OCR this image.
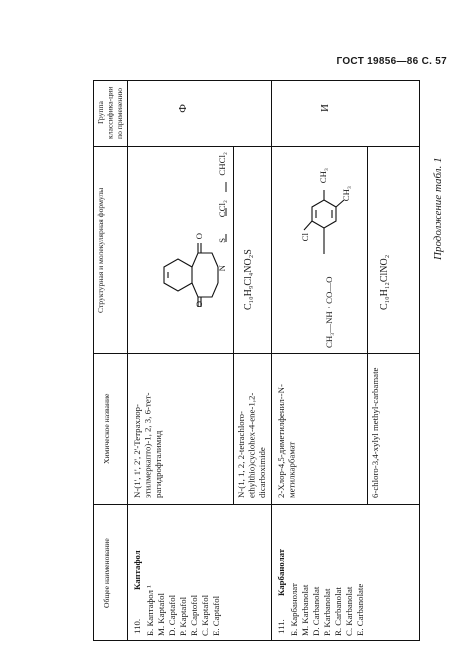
ГОСТ 19856—86 С. 57
Продолжение табл. 1
Общее наименование
Химическое название
Структурная и молекулярная формулы
Группа классифика-ции по применению
110.
Каптафол
Б. Каптафол ¹ М. Kaptafol D. Captafol P. Kaptafol R. Captofol C. Kaptafol E. Captafol
N-(1', 1', 2', 2'-Тетрахлор-этилмеркапто)-1, 2, 3, 6-тет-рагидрофталимид	N-(1, 1, 2, 2-tetrachloro-ethylthio)cyclohex-4-ene-1,2-dicarboximide
O
O
N
S
CCl₂
CHCl₂
C₁₀H₉Cl₄NO₂S
Ф
111.
Карбанолат
Б. Карбанолат М. Karbanolat D. Carbanolat P. Karbanolat R. Carbanolat C. Karbanolat E. Carbanolate
2-Хлор-4,5-диметилфенил--N-метилкарбамат	6-chloro-3,4-xylyl methyl-carbamate
CH₃—NH · CO—O
Cl
CH₃
CH₃
C₁₀H₁₂ClNO₂
И
